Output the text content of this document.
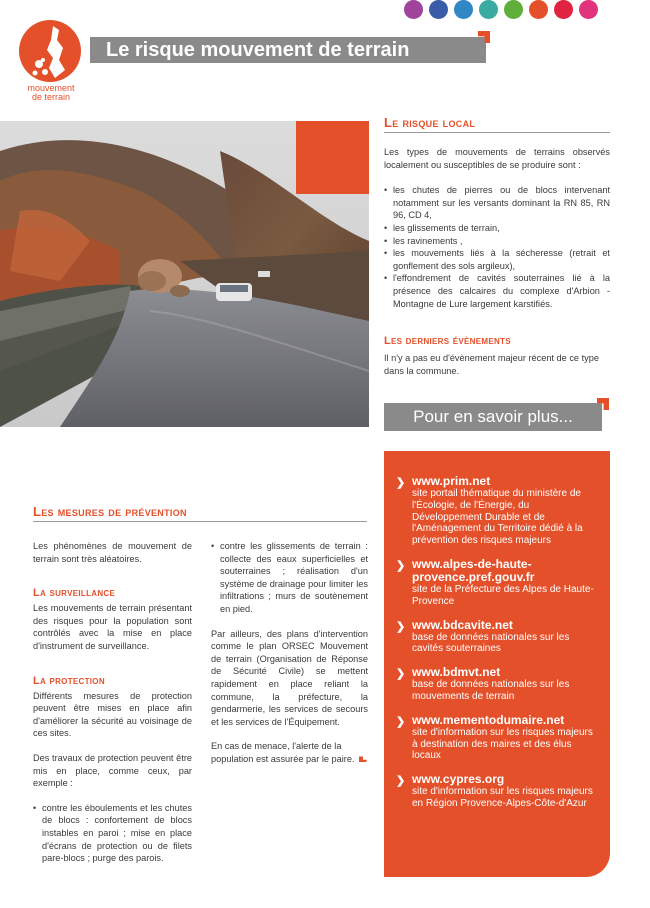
Le risque mouvement de terrain
mouvement
de terrain
Le risque local
Les types de mouvements de terrains observés localement ou susceptibles de se produire sont :
• les chutes de pierres ou de blocs intervenant notamment sur les versants dominant la RN 85, RN 96, CD 4,
• les glissements de terrain,
• les ravinements ,
• les mouvements liés à la sécheresse (retrait et gonflement des sols argileux),
• l'effondrement de cavités souterraines lié à la présence des calcaires du complexe d'Arbion - Montagne de Lure largement karstifiés.
Les derniers évènements
Il n'y a pas eu d'évènement majeur récent de ce type dans la commune.
Pour en savoir plus...
❯ www.prim.net
site portail thématique du ministère de l'Écologie, de l'Énergie, du Développement Durable et de l'Aménagement du Territoire dédié à la prévention des risques majeurs
❯ www.alpes-de-haute-provence.pref.gouv.fr
site de la Préfecture des Alpes de Haute-Provence
❯ www.bdcavite.net
base de données nationales sur les cavités souterraines
❯ www.bdmvt.net
base de données nationales sur les mouvements de terrain
❯ www.mementodumaire.net
site d'information sur les risques majeurs à destination des maires et des élus locaux
❯ www.cypres.org
site d'information sur les risques majeurs en Région Provence-Alpes-Côte-d'Azur
Les mesures de prévention
Les phénomènes de mouvement de terrain sont très aléatoires.
La surveillance
Les mouvements de terrain présentant des risques pour la population sont contrôlés avec la mise en place d'instrument de surveillance.
La protection
Différents mesures de protection peuvent être mises en place afin d'améliorer la sécurité au voisinage de ces sites.
Des travaux de protection peuvent être mis en place, comme ceux, par exemple :
• contre les éboulements et les chutes de blocs : confortement de blocs instables en paroi ; mise en place d'écrans de protection ou de filets pare-blocs ; purge des parois.
• contre les glissements de terrain : collecte des eaux superficielles et souterraines ; réalisation d'un système de drainage pour limiter les infiltrations ; murs de soutènement en pied.
Par ailleurs, des plans d'intervention comme le plan ORSEC Mouvement de terrain (Organisation de Réponse de Sécurité Civile) se mettent rapidement en place reliant la commune, la préfecture, la gendarmerie, les services de secours et les services de l'Équipement.
En cas de menace, l'alerte de la population est assurée par le paire.
